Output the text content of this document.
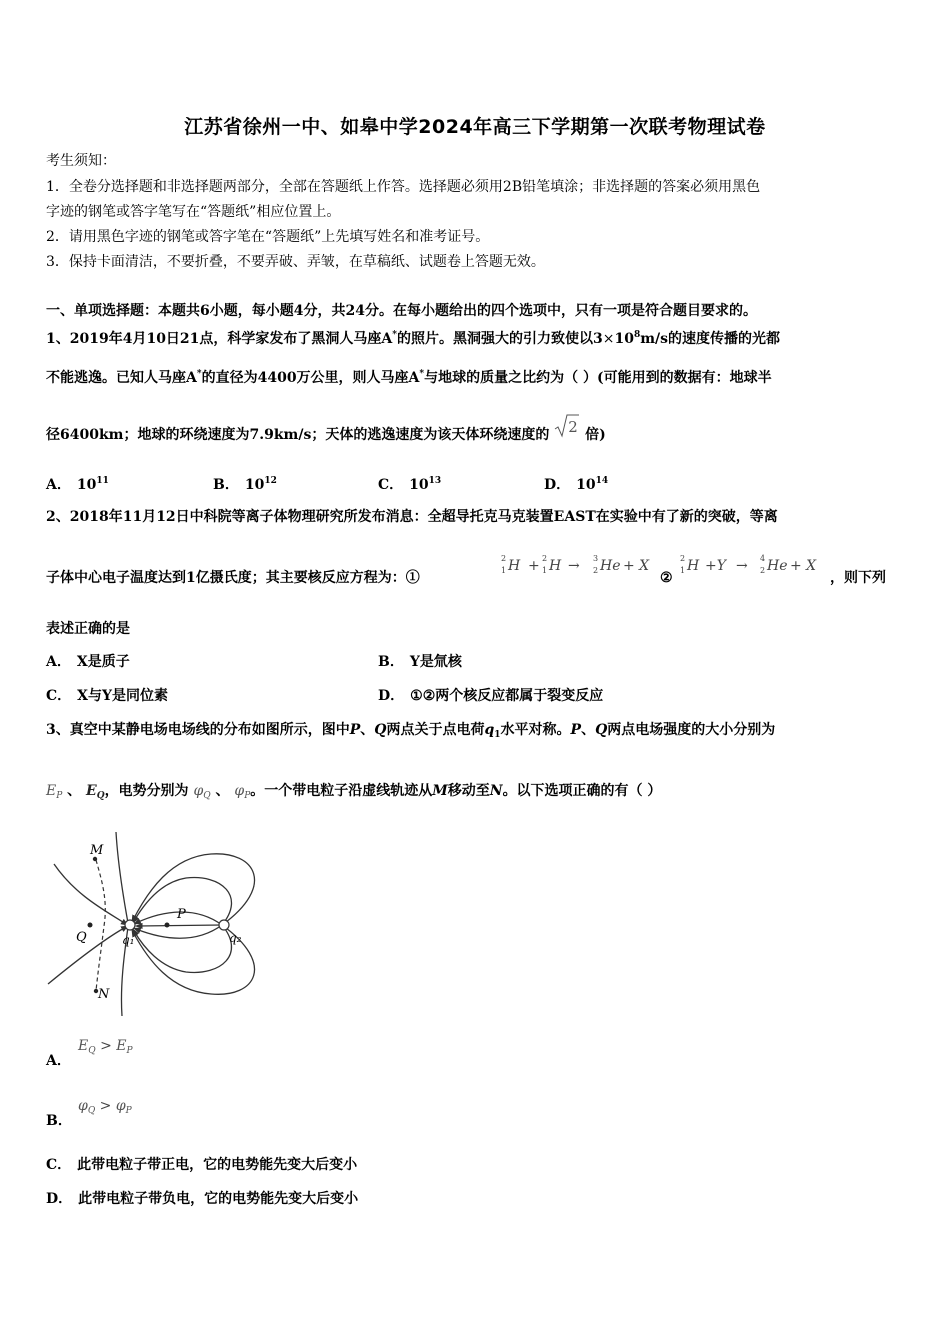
江苏省徐州一中、如皋中学2024年高三下学期第一次联考物理试卷
考生须知：
1．全卷分选择题和非选择题两部分，全部在答题纸上作答。选择题必须用2B铅笔填涂；非选择题的答案必须用黑色
字迹的钢笔或答字笔写在“答题纸”相应位置上。
2．请用黑色字迹的钢笔或答字笔在“答题纸”上先填写姓名和准考证号。
3．保持卡面清洁，不要折叠，不要弄破、弄皱，在草稿纸、试题卷上答题无效。
一、单项选择题：本题共6小题，每小题4分，共24分。在每小题给出的四个选项中，只有一项是符合题目要求的。
1、2019年4月10日21点，科学家发布了黑洞人马座A*的照片。黑洞强大的引力致使以$3\times 10^8m/s$的速度传播的光都
不能逃逸。已知人马座A*的直径为4400万公里，则人马座A*与地球的质量之比约为（ ）(可能用到的数据有：地球半
径6400km；地球的环绕速度为7.9km/s；天体的逃逸速度为该天体环绕速度的 2 倍)
A． $10^{11}$	B． $10^{12}$	C． $10^{13}$	D． $10^{14}$
2、2018年11月12日中科院等离子体物理研究所发布消息：全超导托克马克装置EAST在实验中有了新的突破，等离
子体中心电子温度达到1亿摄氏度；其主要核反应方程为：①
2
1 H + 2
1 H → 3
2 He + X
②
2
1 H +Y → 4
2 He + X
，则下列
表述正确的是
A． X是质子	B． Y是氚核
C． X与Y是同位素	D． ①②两个核反应都属于裂变反应
3、真空中某静电场电场线的分布如图所示，图中P、Q两点关于点电荷$q_1$水平对称。P、Q两点电场强度的大小分别为
$E_P$ 、 $E_Q$，电势分别为 $\varphi_Q$ 、 $\varphi_P$。一个带电粒子沿虚线轨迹从M移动至N。以下选项正确的有（ ）
M
Q	q₁
P
q₂
N
A．
$E_Q > E_P$
B．
$\varphi_Q > \varphi_P$
C． 此带电粒子带正电，它的电势能先变大后变小
D． 此带电粒子带负电，它的电势能先变大后变小
